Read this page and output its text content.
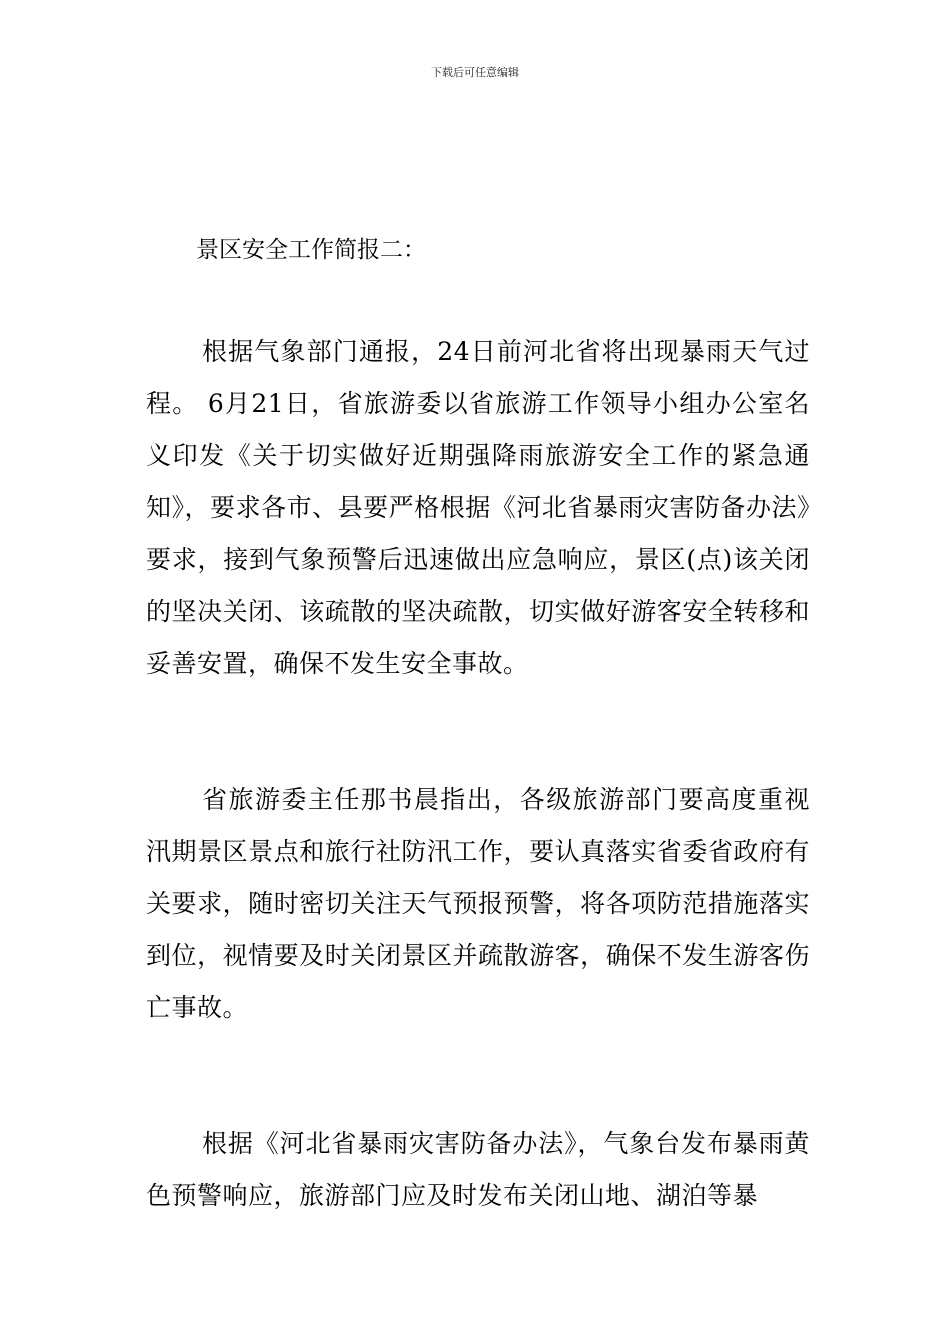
下载后可任意编辑
景区安全工作简报二：

根据气象部门通报，24日前河北省将出现暴雨天气过程。 6月21日，省旅游委以省旅游工作领导小组办公室名义印发《关于切实做好近期强降雨旅游安全工作的紧急通知》，要求各市、县要严格根据《河北省暴雨灾害防备办法》要求，接到气象预警后迅速做出应急响应，景区(点)该关闭的坚决关闭、该疏散的坚决疏散，切实做好游客安全转移和妥善安置，确保不发生安全事故。

省旅游委主任那书晨指出，各级旅游部门要高度重视汛期景区景点和旅行社防汛工作，要认真落实省委省政府有关要求，随时密切关注天气预报预警，将各项防范措施落实到位，视情要及时关闭景区并疏散游客，确保不发生游客伤亡事故。

根据《河北省暴雨灾害防备办法》，气象台发布暴雨黄色预警响应，旅游部门应及时发布关闭山地、湖泊等暴
